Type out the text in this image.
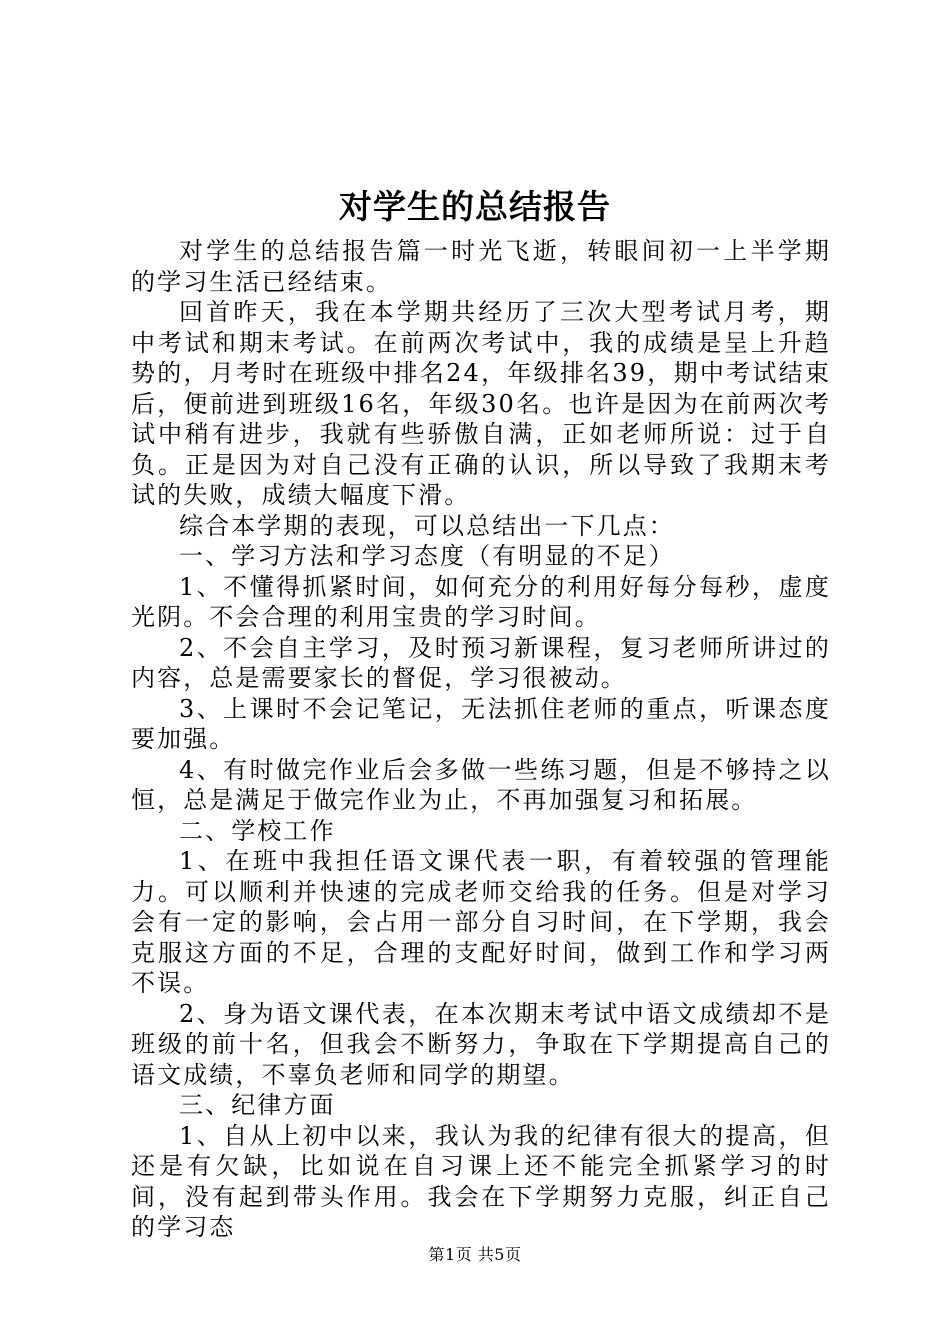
对学生的总结报告

对学生的总结报告篇一时光飞逝，转眼间初一上半学期的学习生活已经结束。

回首昨天，我在本学期共经历了三次大型考试月考，期中考试和期末考试。在前两次考试中，我的成绩是呈上升趋势的，月考时在班级中排名24，年级排名39，期中考试结束后，便前进到班级16名，年级30名。也许是因为在前两次考试中稍有进步，我就有些骄傲自满，正如老师所说：过于自负。正是因为对自己没有正确的认识，所以导致了我期末考试的失败，成绩大幅度下滑。

综合本学期的表现，可以总结出一下几点：

一、学习方法和学习态度（有明显的不足）

1、不懂得抓紧时间，如何充分的利用好每分每秒，虚度光阴。不会合理的利用宝贵的学习时间。

2、不会自主学习，及时预习新课程，复习老师所讲过的内容，总是需要家长的督促，学习很被动。

3、上课时不会记笔记，无法抓住老师的重点，听课态度要加强。

4、有时做完作业后会多做一些练习题，但是不够持之以恒，总是满足于做完作业为止，不再加强复习和拓展。

二、学校工作

1、在班中我担任语文课代表一职，有着较强的管理能力。可以顺利并快速的完成老师交给我的任务。但是对学习会有一定的影响，会占用一部分自习时间，在下学期，我会克服这方面的不足，合理的支配好时间，做到工作和学习两不误。

2、身为语文课代表，在本次期末考试中语文成绩却不是班级的前十名，但我会不断努力，争取在下学期提高自己的语文成绩，不辜负老师和同学的期望。

三、纪律方面

1、自从上初中以来，我认为我的纪律有很大的提高，但还是有欠缺，比如说在自习课上还不能完全抓紧学习的时间，没有起到带头作用。我会在下学期努力克服，纠正自己的学习态

第1页 共5页
